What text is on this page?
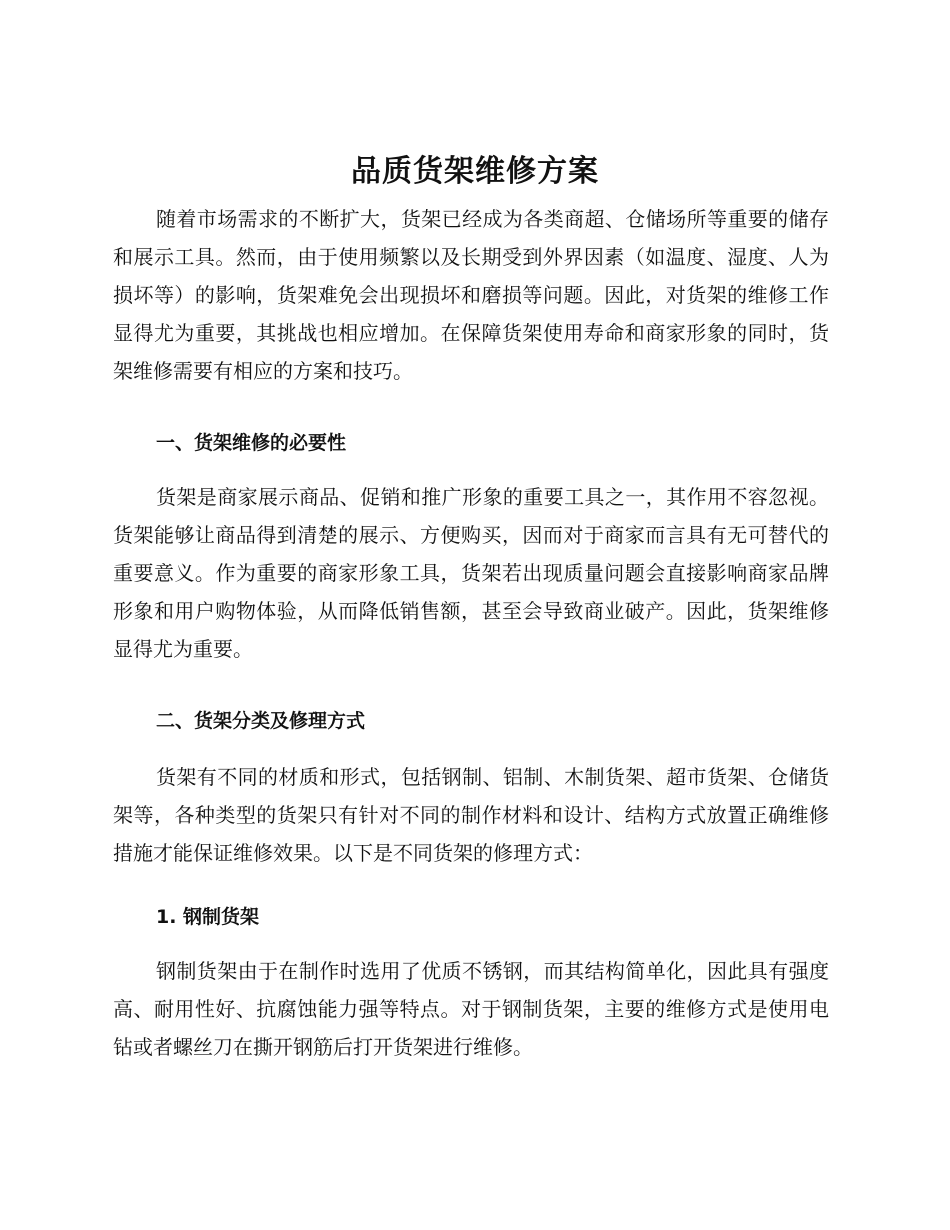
品质货架维修方案

随着市场需求的不断扩大，货架已经成为各类商超、仓储场所等重要的储存和展示工具。然而，由于使用频繁以及长期受到外界因素（如温度、湿度、人为损坏等）的影响，货架难免会出现损坏和磨损等问题。因此，对货架的维修工作显得尤为重要，其挑战也相应增加。在保障货架使用寿命和商家形象的同时，货架维修需要有相应的方案和技巧。

一、货架维修的必要性

货架是商家展示商品、促销和推广形象的重要工具之一，其作用不容忽视。货架能够让商品得到清楚的展示、方便购买，因而对于商家而言具有无可替代的重要意义。作为重要的商家形象工具，货架若出现质量问题会直接影响商家品牌形象和用户购物体验，从而降低销售额，甚至会导致商业破产。因此，货架维修显得尤为重要。

二、货架分类及修理方式

货架有不同的材质和形式，包括钢制、铝制、木制货架、超市货架、仓储货架等，各种类型的货架只有针对不同的制作材料和设计、结构方式放置正确维修措施才能保证维修效果。以下是不同货架的修理方式：

1. 钢制货架

钢制货架由于在制作时选用了优质不锈钢，而其结构简单化，因此具有强度高、耐用性好、抗腐蚀能力强等特点。对于钢制货架，主要的维修方式是使用电钻或者螺丝刀在撕开钢筋后打开货架进行维修。
